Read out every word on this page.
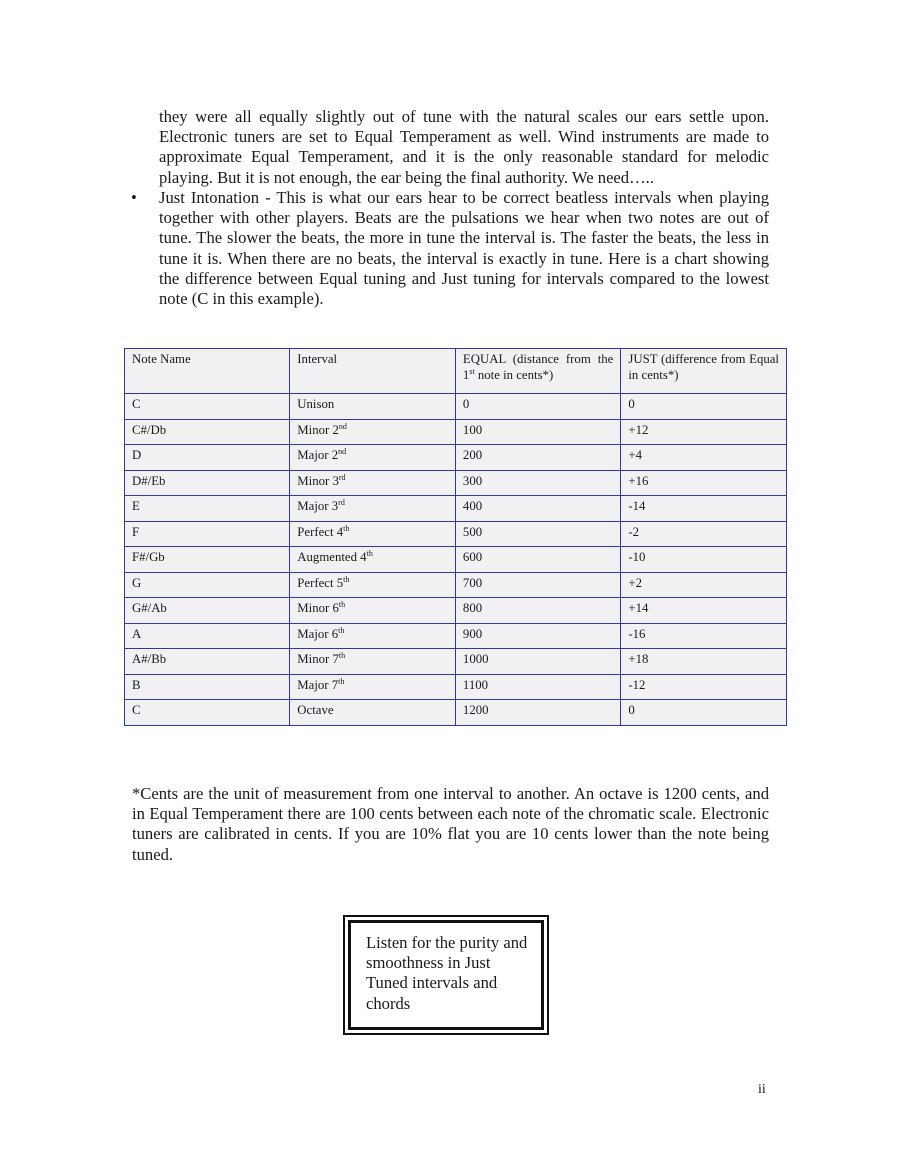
they were all equally slightly out of tune with the natural scales our ears settle upon. Electronic tuners are set to Equal Temperament as well. Wind instruments are made to approximate Equal Temperament, and it is the only reasonable standard for melodic playing. But it is not enough, the ear being the final authority. We need…..

• Just Intonation - This is what our ears hear to be correct beatless intervals when playing together with other players. Beats are the pulsations we hear when two notes are out of tune. The slower the beats, the more in tune the interval is. The faster the beats, the less in tune it is. When there are no beats, the interval is exactly in tune. Here is a chart showing the difference between Equal tuning and Just tuning for intervals compared to the lowest note (C in this example).

Note Name	Interval	EQUAL (distance from the 1st note in cents*)	JUST (difference from Equal in cents*)
C	Unison	0	0
C#/Db	Minor 2nd	100	+12
D	Major 2nd	200	+4
D#/Eb	Minor 3rd	300	+16
E	Major 3rd	400	-14
F	Perfect 4th	500	-2
F#/Gb	Augmented 4th	600	-10
G	Perfect 5th	700	+2
G#/Ab	Minor 6th	800	+14
A	Major 6th	900	-16
A#/Bb	Minor 7th	1000	+18
B	Major 7th	1100	-12
C	Octave	1200	0

*Cents are the unit of measurement from one interval to another. An octave is 1200 cents, and in Equal Temperament there are 100 cents between each note of the chromatic scale. Electronic tuners are calibrated in cents. If you are 10% flat you are 10 cents lower than the note being tuned.

Listen for the purity and smoothness in Just Tuned intervals and chords
ii
